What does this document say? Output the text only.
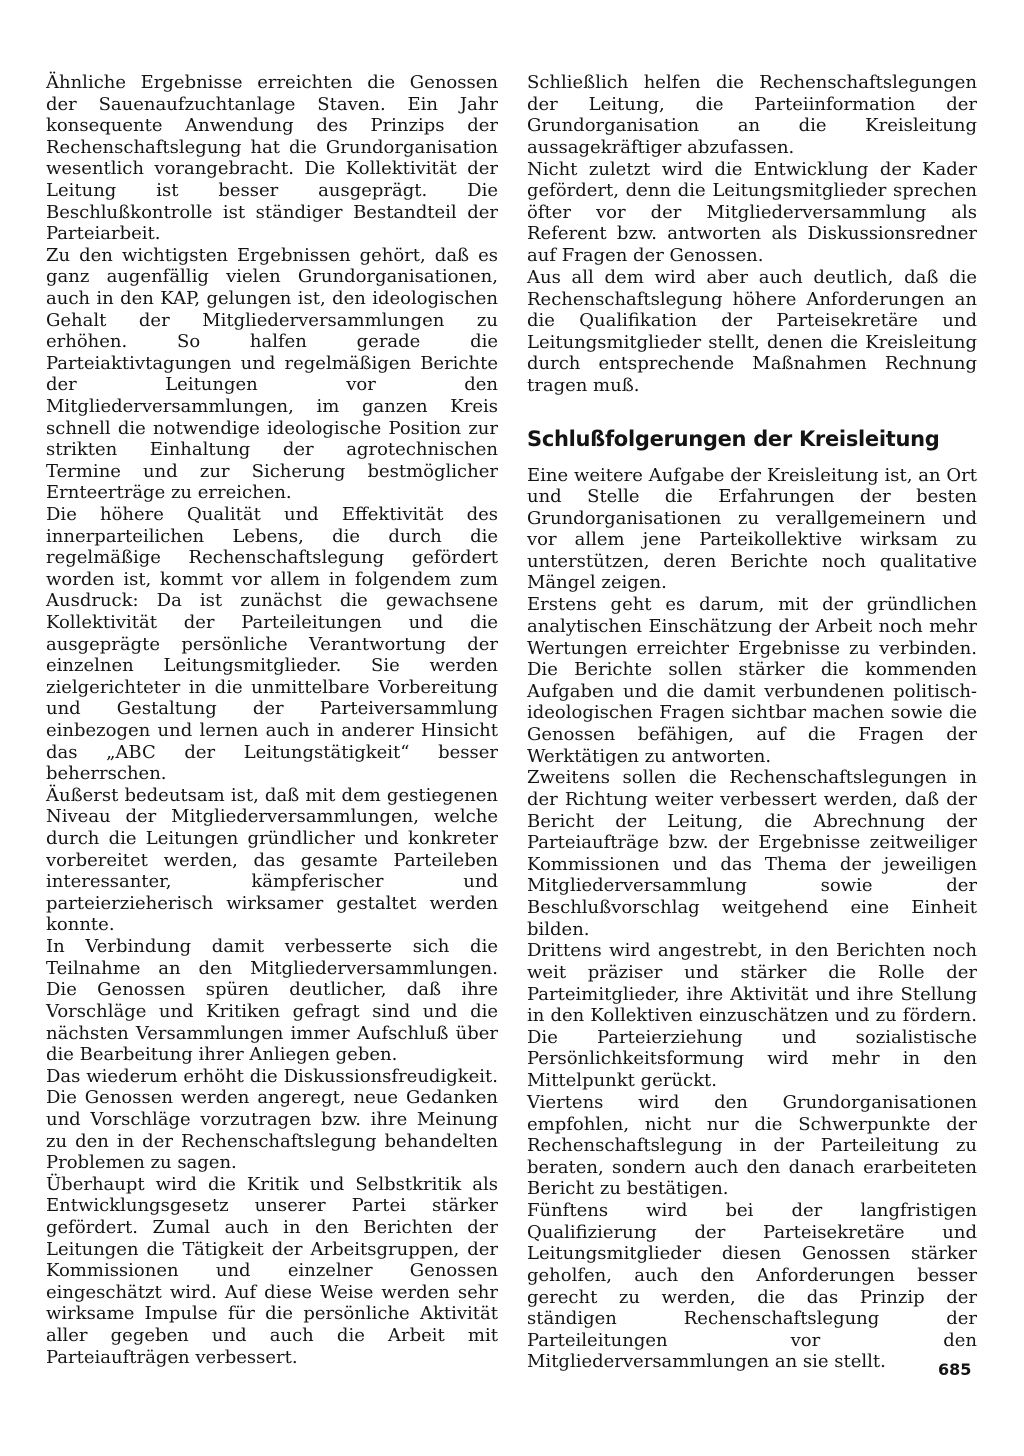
Ähnliche Ergebnisse erreichten die Genossen der Sauenaufzuchtanlage Staven. Ein Jahr konsequente Anwendung des Prinzips der Rechenschaftslegung hat die Grundorganisation wesentlich vorangebracht. Die Kollektivität der Leitung ist besser ausgeprägt. Die Beschlußkontrolle ist ständiger Bestandteil der Parteiarbeit.

Zu den wichtigsten Ergebnissen gehört, daß es ganz augenfällig vielen Grundorganisationen, auch in den KAP, gelungen ist, den ideologischen Gehalt der Mitgliederversammlungen zu erhöhen. So halfen gerade die Parteiaktivtagungen und regelmäßigen Berichte der Leitungen vor den Mitgliederversammlungen, im ganzen Kreis schnell die notwendige ideologische Position zur strikten Einhaltung der agrotechnischen Termine und zur Sicherung bestmöglicher Ernteerträge zu erreichen.

Die höhere Qualität und Effektivität des innerparteilichen Lebens, die durch die regelmäßige Rechenschaftslegung gefördert worden ist, kommt vor allem in folgendem zum Ausdruck: Da ist zunächst die gewachsene Kollektivität der Parteileitungen und die ausgeprägte persönliche Verantwortung der einzelnen Leitungsmitglieder. Sie werden zielgerichteter in die unmittelbare Vorbereitung und Gestaltung der Parteiversammlung einbezogen und lernen auch in anderer Hinsicht das „ABC der Leitungstätigkeit“ besser beherrschen.

Äußerst bedeutsam ist, daß mit dem gestiegenen Niveau der Mitgliederversammlungen, welche durch die Leitungen gründlicher und konkreter vorbereitet werden, das gesamte Parteileben interessanter, kämpferischer und parteierzieherisch wirksamer gestaltet werden konnte.

In Verbindung damit verbesserte sich die Teilnahme an den Mitgliederversammlungen. Die Genossen spüren deutlicher, daß ihre Vorschläge und Kritiken gefragt sind und die nächsten Versammlungen immer Aufschluß über die Bearbeitung ihrer Anliegen geben.

Das wiederum erhöht die Diskussionsfreudigkeit. Die Genossen werden angeregt, neue Gedanken und Vorschläge vorzutragen bzw. ihre Meinung zu den in der Rechenschaftslegung behandelten Problemen zu sagen.

Überhaupt wird die Kritik und Selbstkritik als Entwicklungsgesetz unserer Partei stärker gefördert. Zumal auch in den Berichten der Leitungen die Tätigkeit der Arbeitsgruppen, der Kommissionen und einzelner Genossen eingeschätzt wird. Auf diese Weise werden sehr wirksame Impulse für die persönliche Aktivität aller gegeben und auch die Arbeit mit Parteiaufträgen verbessert.

Schließlich helfen die Rechenschaftslegungen der Leitung, die Parteiinformation der Grundorganisation an die Kreisleitung aussagekräftiger abzufassen.

Nicht zuletzt wird die Entwicklung der Kader gefördert, denn die Leitungsmitglieder sprechen öfter vor der Mitgliederversammlung als Referent bzw. antworten als Diskussionsredner auf Fragen der Genossen.

Aus all dem wird aber auch deutlich, daß die Rechenschaftslegung höhere Anforderungen an die Qualifikation der Parteisekretäre und Leitungsmitglieder stellt, denen die Kreisleitung durch entsprechende Maßnahmen Rechnung tragen muß.

Schlußfolgerungen der Kreisleitung

Eine weitere Aufgabe der Kreisleitung ist, an Ort und Stelle die Erfahrungen der besten Grundorganisationen zu verallgemeinern und vor allem jene Parteikollektive wirksam zu unterstützen, deren Berichte noch qualitative Mängel zeigen.

Erstens geht es darum, mit der gründlichen analytischen Einschätzung der Arbeit noch mehr Wertungen erreichter Ergebnisse zu verbinden. Die Berichte sollen stärker die kommenden Aufgaben und die damit verbundenen politisch-ideologischen Fragen sichtbar machen sowie die Genossen befähigen, auf die Fragen der Werktätigen zu antworten.

Zweitens sollen die Rechenschaftslegungen in der Richtung weiter verbessert werden, daß der Bericht der Leitung, die Abrechnung der Parteiaufträge bzw. der Ergebnisse zeitweiliger Kommissionen und das Thema der jeweiligen Mitgliederversammlung sowie der Beschlußvorschlag weitgehend eine Einheit bilden.

Drittens wird angestrebt, in den Berichten noch weit präziser und stärker die Rolle der Parteimitglieder, ihre Aktivität und ihre Stellung in den Kollektiven einzuschätzen und zu fördern. Die Parteierziehung und sozialistische Persönlichkeitsformung wird mehr in den Mittelpunkt gerückt.

Viertens wird den Grundorganisationen empfohlen, nicht nur die Schwerpunkte der Rechenschaftslegung in der Parteileitung zu beraten, sondern auch den danach erarbeiteten Bericht zu bestätigen.

Fünftens wird bei der langfristigen Qualifizierung der Parteisekretäre und Leitungsmitglieder diesen Genossen stärker geholfen, auch den Anforderungen besser gerecht zu werden, die das Prinzip der ständigen Rechenschaftslegung der Parteileitungen vor den Mitgliederversammlungen an sie stellt.	685
